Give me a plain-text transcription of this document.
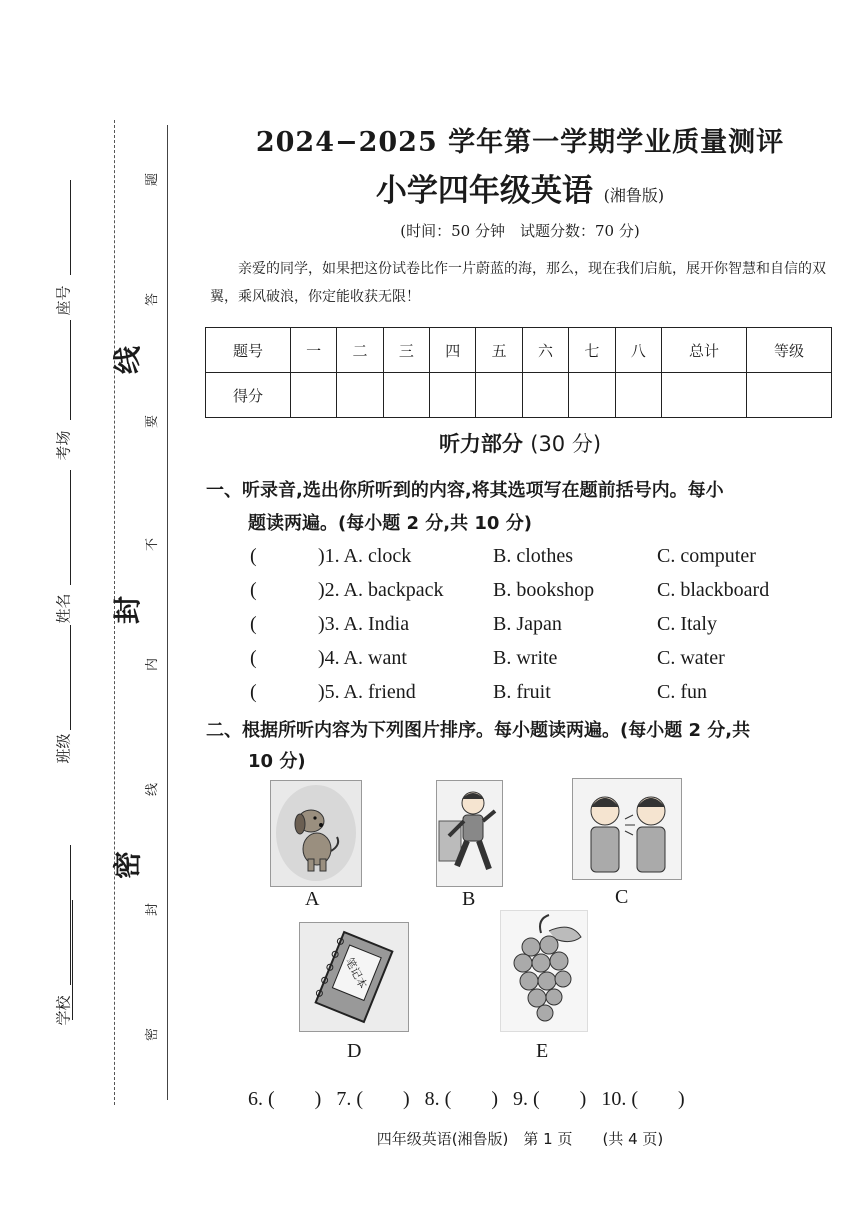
学校
班级
姓名
考场
座号
密
封
线
密
封
线
内
不
要
答
题
2024−2025 学年第一学期学业质量测评
小学四年级英语 (湘鲁版)
(时间：50 分钟　试题分数：70 分)
亲爱的同学，如果把这份试卷比作一片蔚蓝的海，那么，现在我们启航，展开你智慧和自信的双翼，乘风破浪，你定能收获无限！
题号	一	二	三	四	五	六	七	八	总计	等级
得分										
听力部分 (30 分)
一、听录音,选出你所听到的内容,将其选项写在题前括号内。每小
题读两遍。(每小题 2 分,共 10 分)
(	)1. A. clock	B. clothes	C. computer
(	)2. A. backpack B. bookshop	C. blackboard
(	)3. A. India	B. Japan	C. Italy
(	)4. A. want	B. write	C. water
(	)5. A. friend	B. fruit	C. fun
二、根据所听内容为下列图片排序。每小题读两遍。(每小题 2 分,共
10 分)
A	B	C
笔记本
D	E
6. (　　) 7. (　　) 8. (　　) 9. (　　) 10. (　　)
四年级英语(湘鲁版)　第 1 页　　(共 4 页)
